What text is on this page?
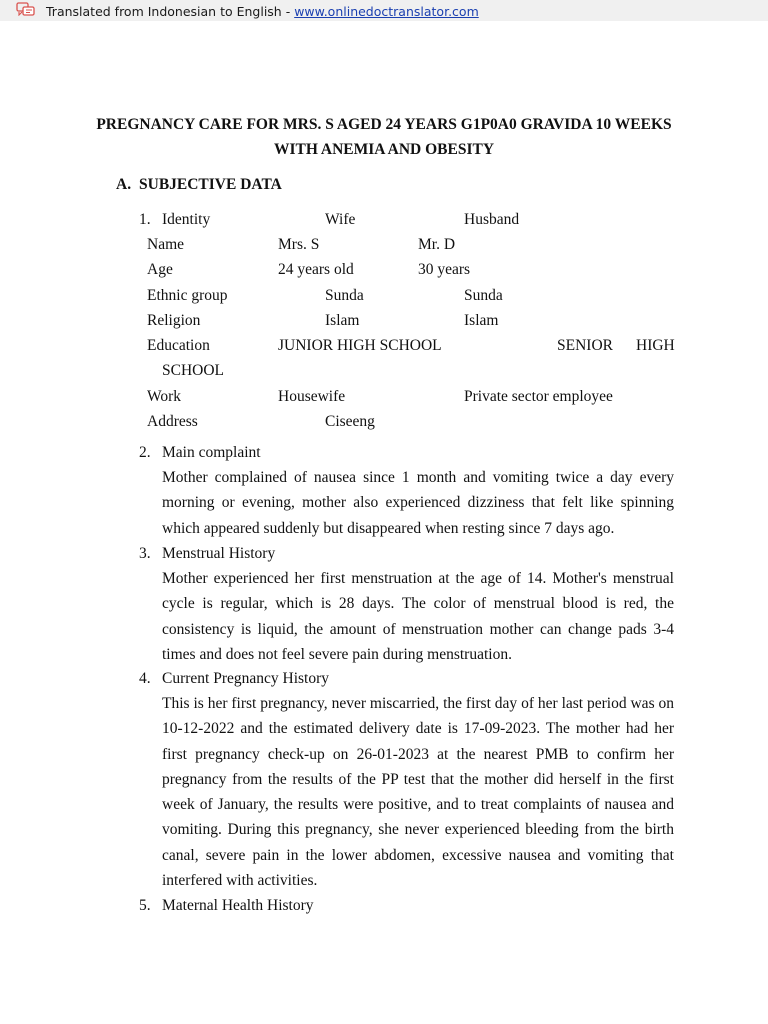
Translated from Indonesian to English - www.onlinedoctranslator.com
PREGNANCY CARE FOR MRS. S AGED 24 YEARS G1P0A0 GRAVIDA 10 WEEKS
WITH ANEMIA AND OBESITY
A. SUBJECTIVE DATA
1. Identity	Wife	Husband
Name	Mrs. S	Mr. D
Age	24 years old	30 years
Ethnic group	Sunda	Sunda
Religion	Islam	Islam
Education	JUNIOR HIGH SCHOOL	SENIOR HIGH
SCHOOL
Work	Housewife	Private sector employee
Address	Ciseeng
2. Main complaint

Mother complained of nausea since 1 month and vomiting twice a day every morning or evening, mother also experienced dizziness that felt like spinning which appeared suddenly but disappeared when resting since 7 days ago.

3. Menstrual History

Mother experienced her first menstruation at the age of 14. Mother's menstrual cycle is regular, which is 28 days. The color of menstrual blood is red, the consistency is liquid, the amount of menstruation mother can change pads 3-4 times and does not feel severe pain during menstruation.

4. Current Pregnancy History

This is her first pregnancy, never miscarried, the first day of her last period was on 10-12-2022 and the estimated delivery date is 17-09-2023. The mother had her first pregnancy check-up on 26-01-2023 at the nearest PMB to confirm her pregnancy from the results of the PP test that the mother did herself in the first week of January, the results were positive, and to treat complaints of nausea and vomiting. During this pregnancy, she never experienced bleeding from the birth canal, severe pain in the lower abdomen, excessive nausea and vomiting that interfered with activities.

5. Maternal Health History
